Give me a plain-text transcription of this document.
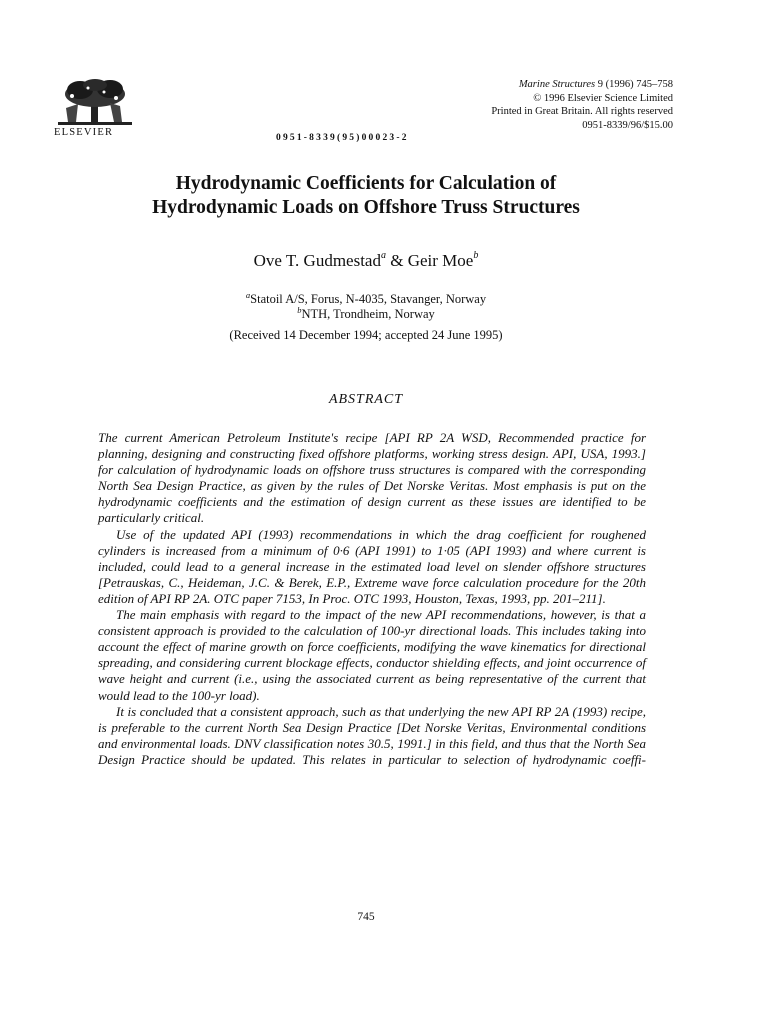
ELSEVIER
Marine Structures 9 (1996) 745–758
© 1996 Elsevier Science Limited
Printed in Great Britain. All rights reserved
0951-8339/96/$15.00
0951-8339(95)00023-2
Hydrodynamic Coefficients for Calculation of
Hydrodynamic Loads on Offshore Truss Structures
Ove T. Gudmestad$^a$ & Geir Moe$^b$
$^a$Statoil A/S, Forus, N-4035, Stavanger, Norway
$^b$NTH, Trondheim, Norway
(Received 14 December 1994; accepted 24 June 1995)
ABSTRACT

The current American Petroleum Institute's recipe [API RP 2A WSD, Recommended practice for planning, designing and constructing fixed offshore platforms, working stress design. API, USA, 1993.] for calculation of hydrodynamic loads on offshore truss structures is compared with the corresponding North Sea Design Practice, as given by the rules of Det Norske Veritas. Most emphasis is put on the hydrodynamic coefficients and the estimation of design current as these issues are identified to be particularly critical.

Use of the updated API (1993) recommendations in which the drag coefficient for roughened cylinders is increased from a minimum of 0·6 (API 1991) to 1·05 (API 1993) and where current is included, could lead to a general increase in the estimated load level on slender offshore structures [Petrauskas, C., Heideman, J.C. & Berek, E.P., Extreme wave force calculation procedure for the 20th edition of API RP 2A. OTC paper 7153, In Proc. OTC 1993, Houston, Texas, 1993, pp. 201–211].

The main emphasis with regard to the impact of the new API recommendations, however, is that a consistent approach is provided to the calculation of 100-yr directional loads. This includes taking into account the effect of marine growth on force coefficients, modifying the wave kinematics for directional spreading, and considering current blockage effects, conductor shielding effects, and joint occurrence of wave height and current (i.e., using the associated current as being representative of the current that would lead to the 100-yr load).

It is concluded that a consistent approach, such as that underlying the new API RP 2A (1993) recipe, is preferable to the current North Sea Design Practice [Det Norske Veritas, Environmental conditions and environmental loads. DNV classification notes 30.5, 1991.] in this field, and thus that the North Sea Design Practice should be updated. This relates in particular to selection of hydrodynamic coeffi-

745
